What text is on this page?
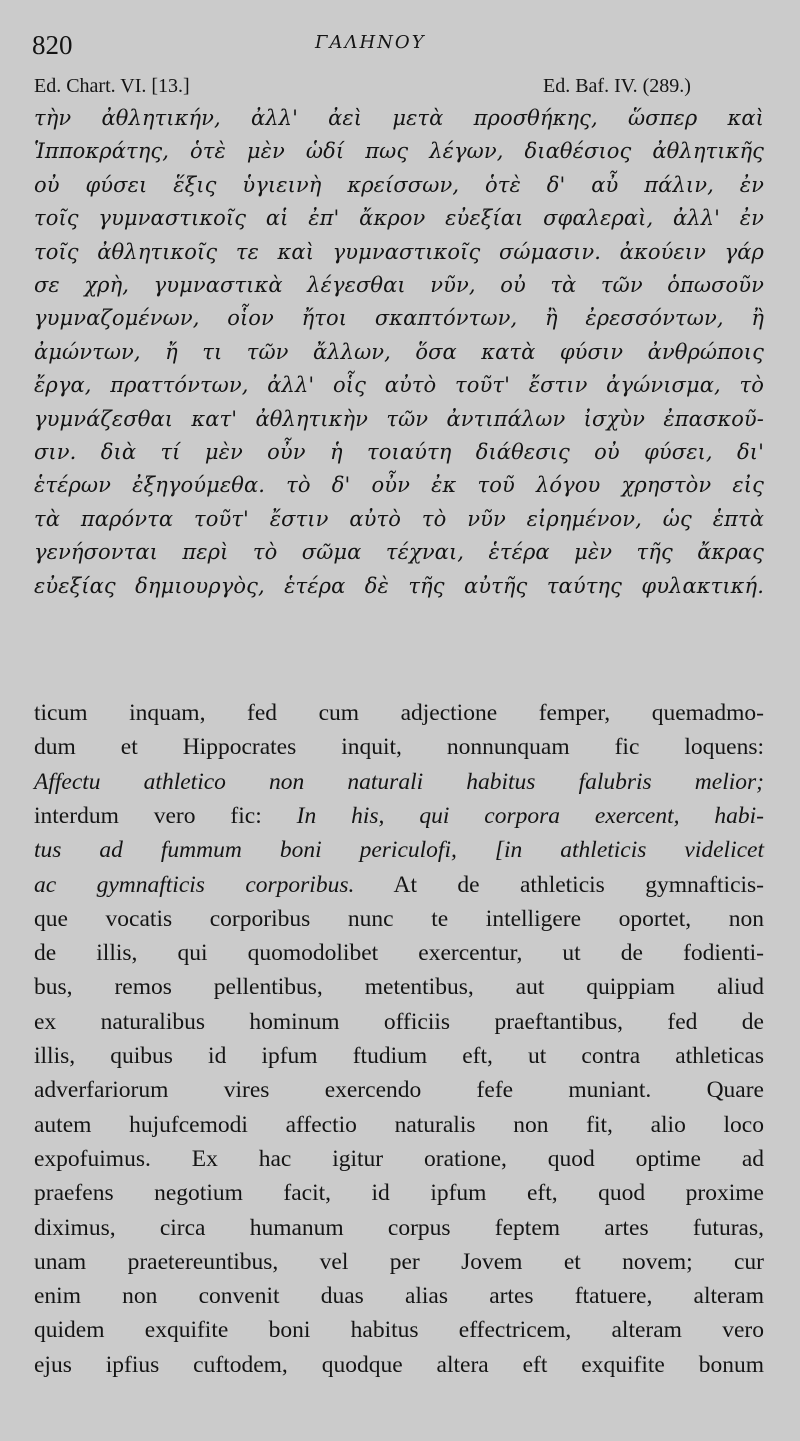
820	ΓΑΛΗΝΟΥ
Ed. Chart. VI. [13.]	Ed. Baf. IV. (289.)
τὴν ἀθλητικήν, ἀλλ' ἀεὶ μετὰ προσθήκης, ὥσπερ καὶ
Ἱπποκράτης, ὁτὲ μὲν ὡδί πως λέγων, διαθέσιος ἀθλητικῆς
οὐ φύσει ἕξις ὑγιεινὴ κρείσσων, ὁτὲ δ' αὖ πάλιν, ἐν
τοῖς γυμναστικοῖς αἱ ἐπ' ἄκρον εὐεξίαι σφαλεραὶ, ἀλλ' ἐν
τοῖς ἀθλητικοῖς τε καὶ γυμναστικοῖς σώμασιν. ἀκούειν γάρ
σε χρὴ, γυμναστικὰ λέγεσθαι νῦν, οὐ τὰ τῶν ὁπωσοῦν
γυμναζομένων, οἷον ἤτοι σκαπτόντων, ἢ ἐρεσσόντων, ἢ
ἀμώντων, ἤ τι τῶν ἄλλων, ὅσα κατὰ φύσιν ἀνθρώποις
ἔργα, πραττόντων, ἀλλ' οἷς αὐτὸ τοῦτ' ἔστιν ἀγώνισμα, τὸ
γυμνάζεσθαι κατ' ἀθλητικὴν τῶν ἀντιπάλων ἰσχὺν ἐπασκοῦ-
σιν. διὰ τί μὲν οὖν ἡ τοιαύτη διάθεσις οὐ φύσει, δι'
ἑτέρων ἐξηγούμεθα. τὸ δ' οὖν ἐκ τοῦ λόγου χρηστὸν εἰς
τὰ παρόντα τοῦτ' ἔστιν αὐτὸ τὸ νῦν εἰρημένον, ὡς ἑπτὰ
γενήσονται περὶ τὸ σῶμα τέχναι, ἑτέρα μὲν τῆς ἄκρας
εὐεξίας δημιουργὸς, ἑτέρα δὲ τῆς αὐτῆς ταύτης φυλακτική.
ticum inquam, fed cum adjectione femper, quemadmo-
dum et Hippocrates inquit, nonnunquam fic loquens:
Affectu athletico non naturali habitus falubris melior;
interdum vero fic: In his, qui corpora exercent, habi-
tus ad fummum boni periculofi, [in athleticis videlicet
ac gymnafticis corporibus. At de athleticis gymnafticis-
que vocatis corporibus nunc te intelligere oportet, non
de illis, qui quomodolibet exercentur, ut de fodienti-
bus, remos pellentibus, metentibus, aut quippiam aliud
ex naturalibus hominum officiis praeftantibus, fed de
illis, quibus id ipfum ftudium eft, ut contra athleticas
adverfariorum vires exercendo fefe muniant. Quare
autem hujufcemodi affectio naturalis non fit, alio loco
expofuimus. Ex hac igitur oratione, quod optime ad
praefens negotium facit, id ipfum eft, quod proxime
diximus, circa humanum corpus feptem artes futuras,
unam praetereuntibus, vel per Jovem et novem; cur
enim non convenit duas alias artes ftatuere, alteram
quidem exquifite boni habitus effectricem, alteram vero
ejus ipfius cuftodem, quodque altera eft exquifite bonum
